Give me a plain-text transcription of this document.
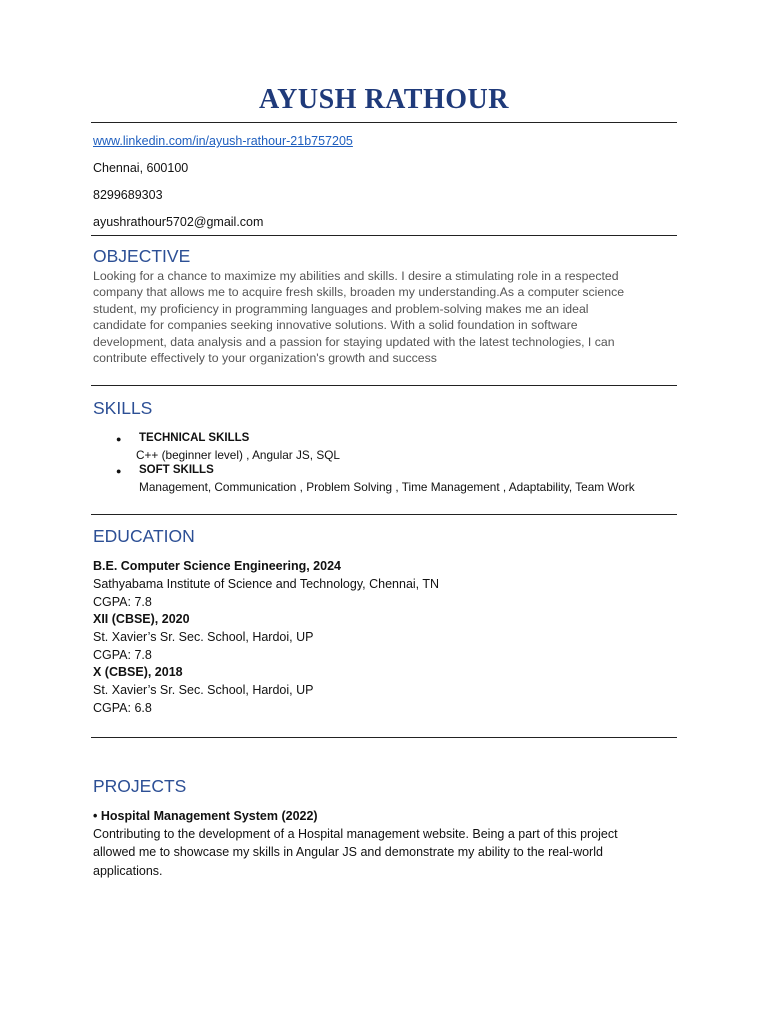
AYUSH RATHOUR
www.linkedin.com/in/ayush-rathour-21b757205
Chennai, 600100
8299689303
ayushrathour5702@gmail.com
OBJECTIVE
Looking for a chance to maximize my abilities and skills. I desire a stimulating role in a respected
company that allows me to acquire fresh skills, broaden my understanding.As a computer science
student, my proficiency in programming languages and problem-solving makes me an ideal
candidate for companies seeking innovative solutions. With a solid foundation in software
development, data analysis and a passion for staying updated with the latest technologies, I can
contribute effectively to your organization's growth and success
SKILLS
● TECHNICAL SKILLS
C++ (beginner level) , Angular JS, SQL
● SOFT SKILLS
Management, Communication , Problem Solving , Time Management , Adaptability, Team Work
EDUCATION
B.E. Computer Science Engineering, 2024
Sathyabama Institute of Science and Technology, Chennai, TN
CGPA: 7.8
XII (CBSE), 2020
St. Xavier’s Sr. Sec. School, Hardoi, UP
CGPA: 7.8
X (CBSE), 2018
St. Xavier’s Sr. Sec. School, Hardoi, UP
CGPA: 6.8
PROJECTS
• Hospital Management System (2022)
Contributing to the development of a Hospital management website. Being a part of this project
allowed me to showcase my skills in Angular JS and demonstrate my ability to the real-world
applications.
